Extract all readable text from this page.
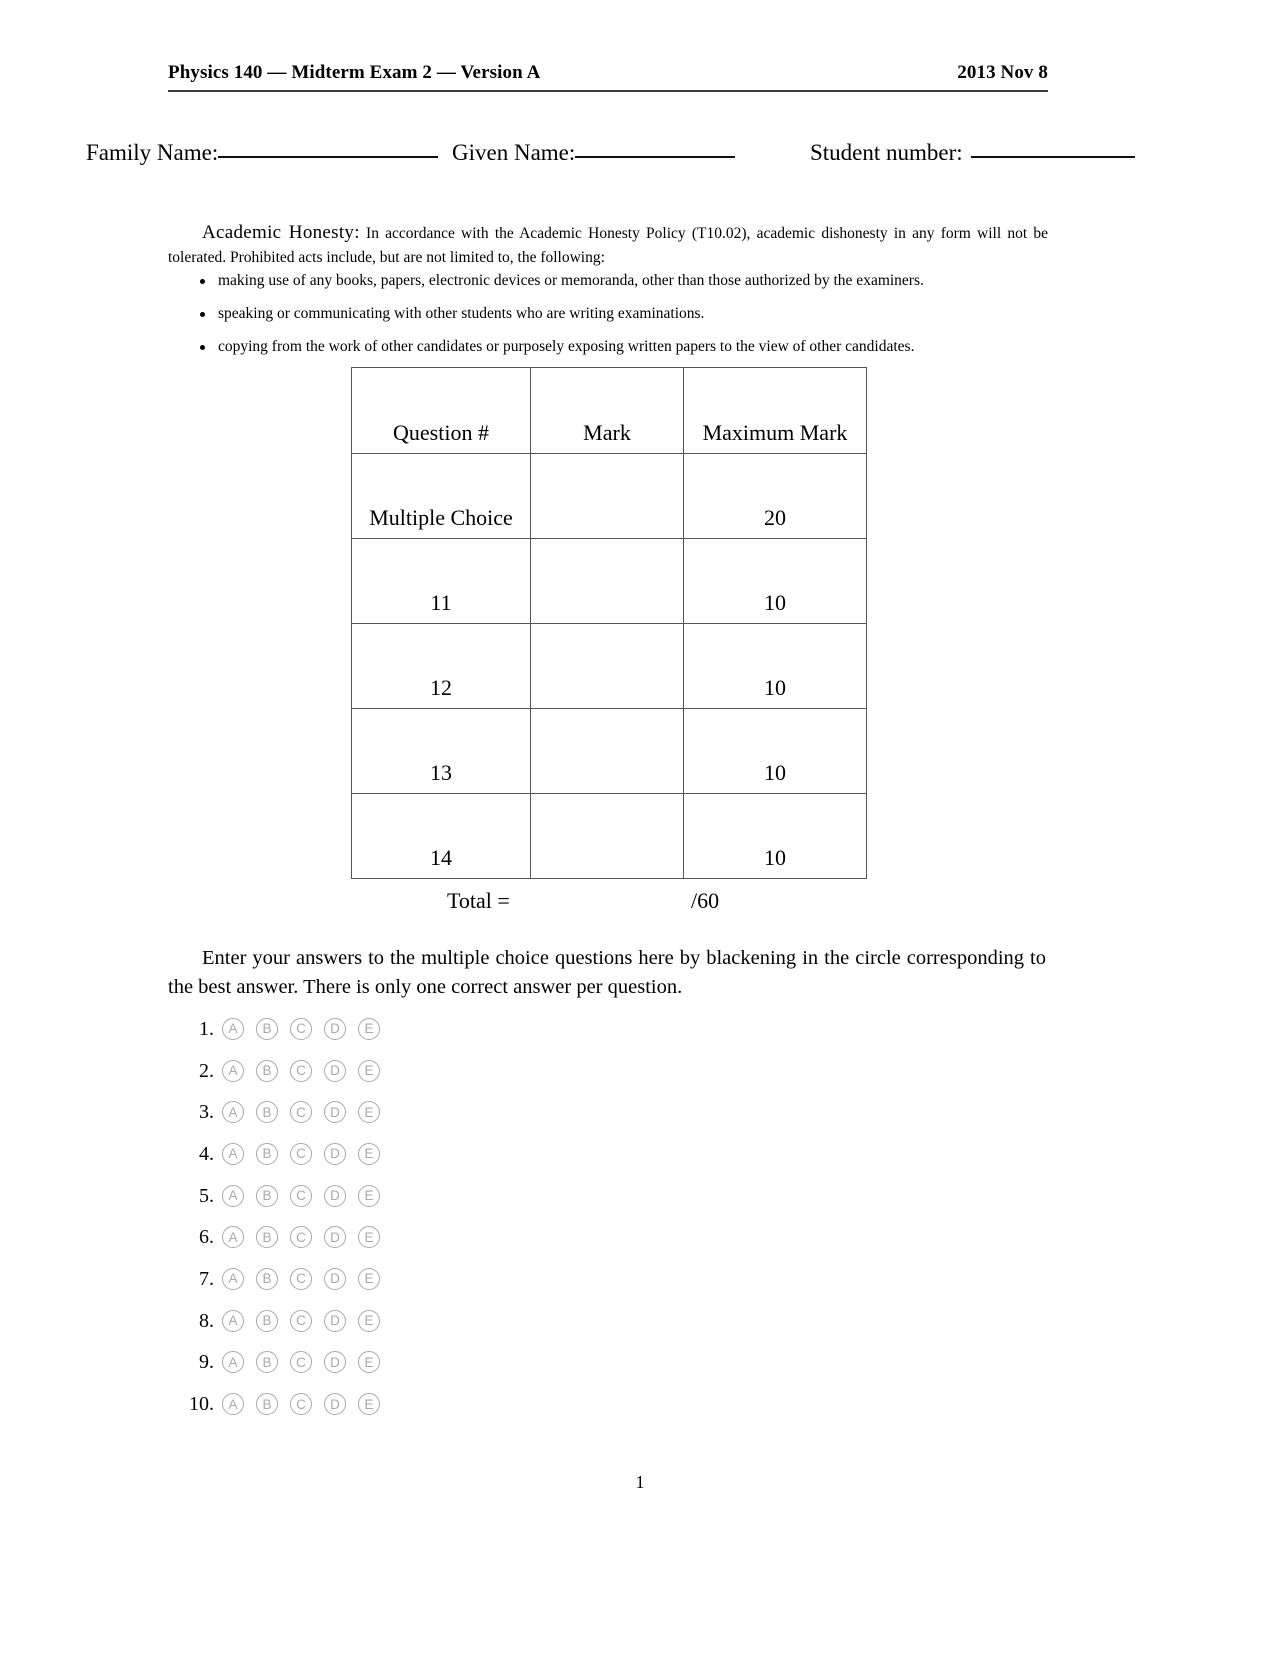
Physics 140 — Midterm Exam 2 — Version A	2013 Nov 8
Family Name:	Given Name:	Student number:
Academic Honesty: In accordance with the Academic Honesty Policy (T10.02), academic dishonesty in any form will not be tolerated. Prohibited acts include, but are not limited to, the following:
making use of any books, papers, electronic devices or memoranda, other than those authorized by the examiners.
speaking or communicating with other students who are writing examinations.
copying from the work of other candidates or purposely exposing written papers to the view of other candidates.
Question #	Mark	Maximum Mark
Multiple Choice		20
11		10
12		10
13		10
14		10
Total =	/60
Enter your answers to the multiple choice questions here by blackening in the circle corresponding to the best answer. There is only one correct answer per question.
1.	A	B	C	D	E
2.	A	B	C	D	E
3.	A	B	C	D	E
4.	A	B	C	D	E
5.	A	B	C	D	E
6.	A	B	C	D	E
7.	A	B	C	D	E
8.	A	B	C	D	E
9.	A	B	C	D	E
10.	A	B	C	D	E
1
